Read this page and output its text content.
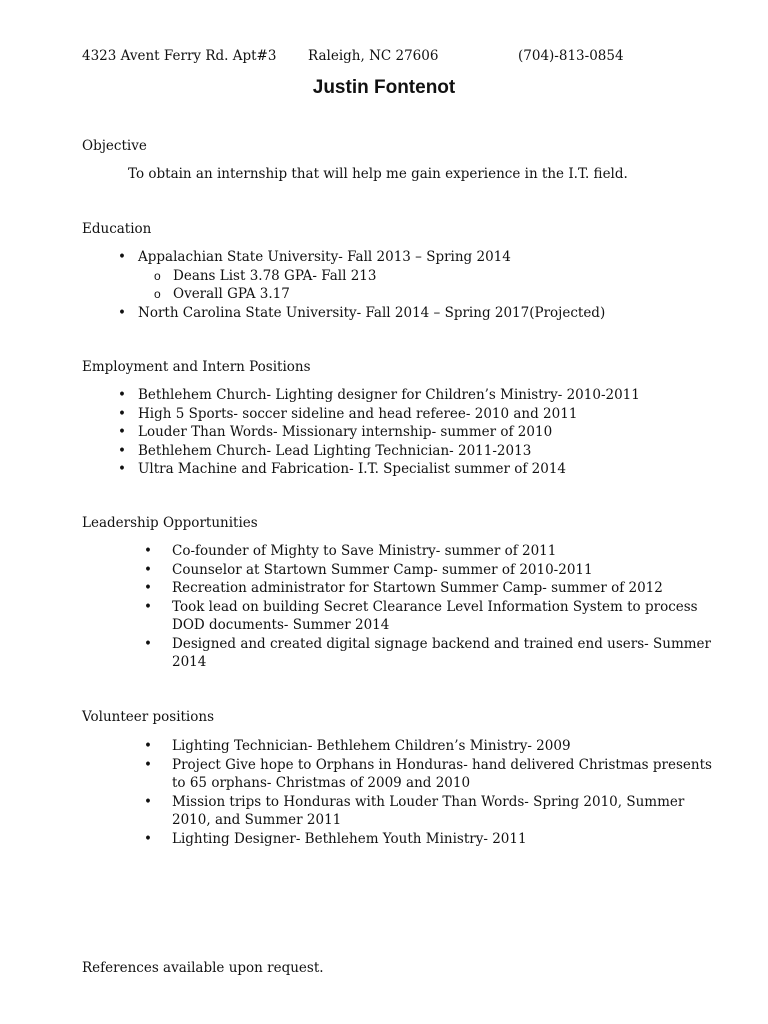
4323 Avent Ferry Rd. Apt#3 Raleigh, NC 27606	(704)-813-0854
Justin Fontenot
Objective
To obtain an internship that will help me gain experience in the I.T. field.
Education
• Appalachian State University- Fall 2013 – Spring 2014
o Deans List 3.78 GPA- Fall 213
o Overall GPA 3.17
• North Carolina State University- Fall 2014 – Spring 2017(Projected)
Employment and Intern Positions
• Bethlehem Church- Lighting designer for Children’s Ministry- 2010-2011
• High 5 Sports- soccer sideline and head referee- 2010 and 2011
• Louder Than Words- Missionary internship- summer of 2010
• Bethlehem Church- Lead Lighting Technician- 2011-2013
• Ultra Machine and Fabrication- I.T. Specialist summer of 2014
Leadership Opportunities
• Co-founder of Mighty to Save Ministry- summer of 2011
• Counselor at Startown Summer Camp- summer of 2010-2011
• Recreation administrator for Startown Summer Camp- summer of 2012
• Took lead on building Secret Clearance Level Information System to process
DOD documents- Summer 2014
• Designed and created digital signage backend and trained end users- Summer
2014
Volunteer positions
• Lighting Technician- Bethlehem Children’s Ministry- 2009
• Project Give hope to Orphans in Honduras- hand delivered Christmas presents
to 65 orphans- Christmas of 2009 and 2010
• Mission trips to Honduras with Louder Than Words- Spring 2010, Summer
2010, and Summer 2011
• Lighting Designer- Bethlehem Youth Ministry- 2011
References available upon request.
